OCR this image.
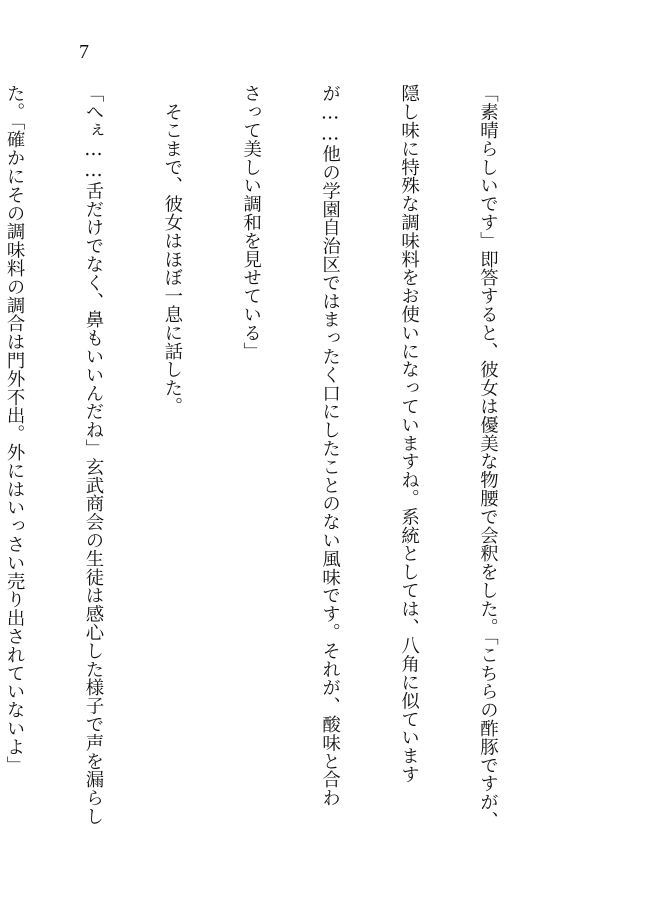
7

「素晴らしいです」即答すると、彼女は優美な物腰で会釈をした。「こちらの酢豚ですが、

隠し味に特殊な調味料をお使いになっていますね。系統としては、八角に似ています

が……他の学園自治区ではまったく口にしたことのない風味です。それが、酸味と合わ

さって美しい調和を見せている」

　そこまで、彼女はほぼ一息に話した。

「へぇ……舌だけでなく、鼻もいいんだね」玄武商会の生徒は感心した様子で声を漏らし

た。「確かにその調味料の調合は門外不出。外にはいっさい売り出されていないよ」
